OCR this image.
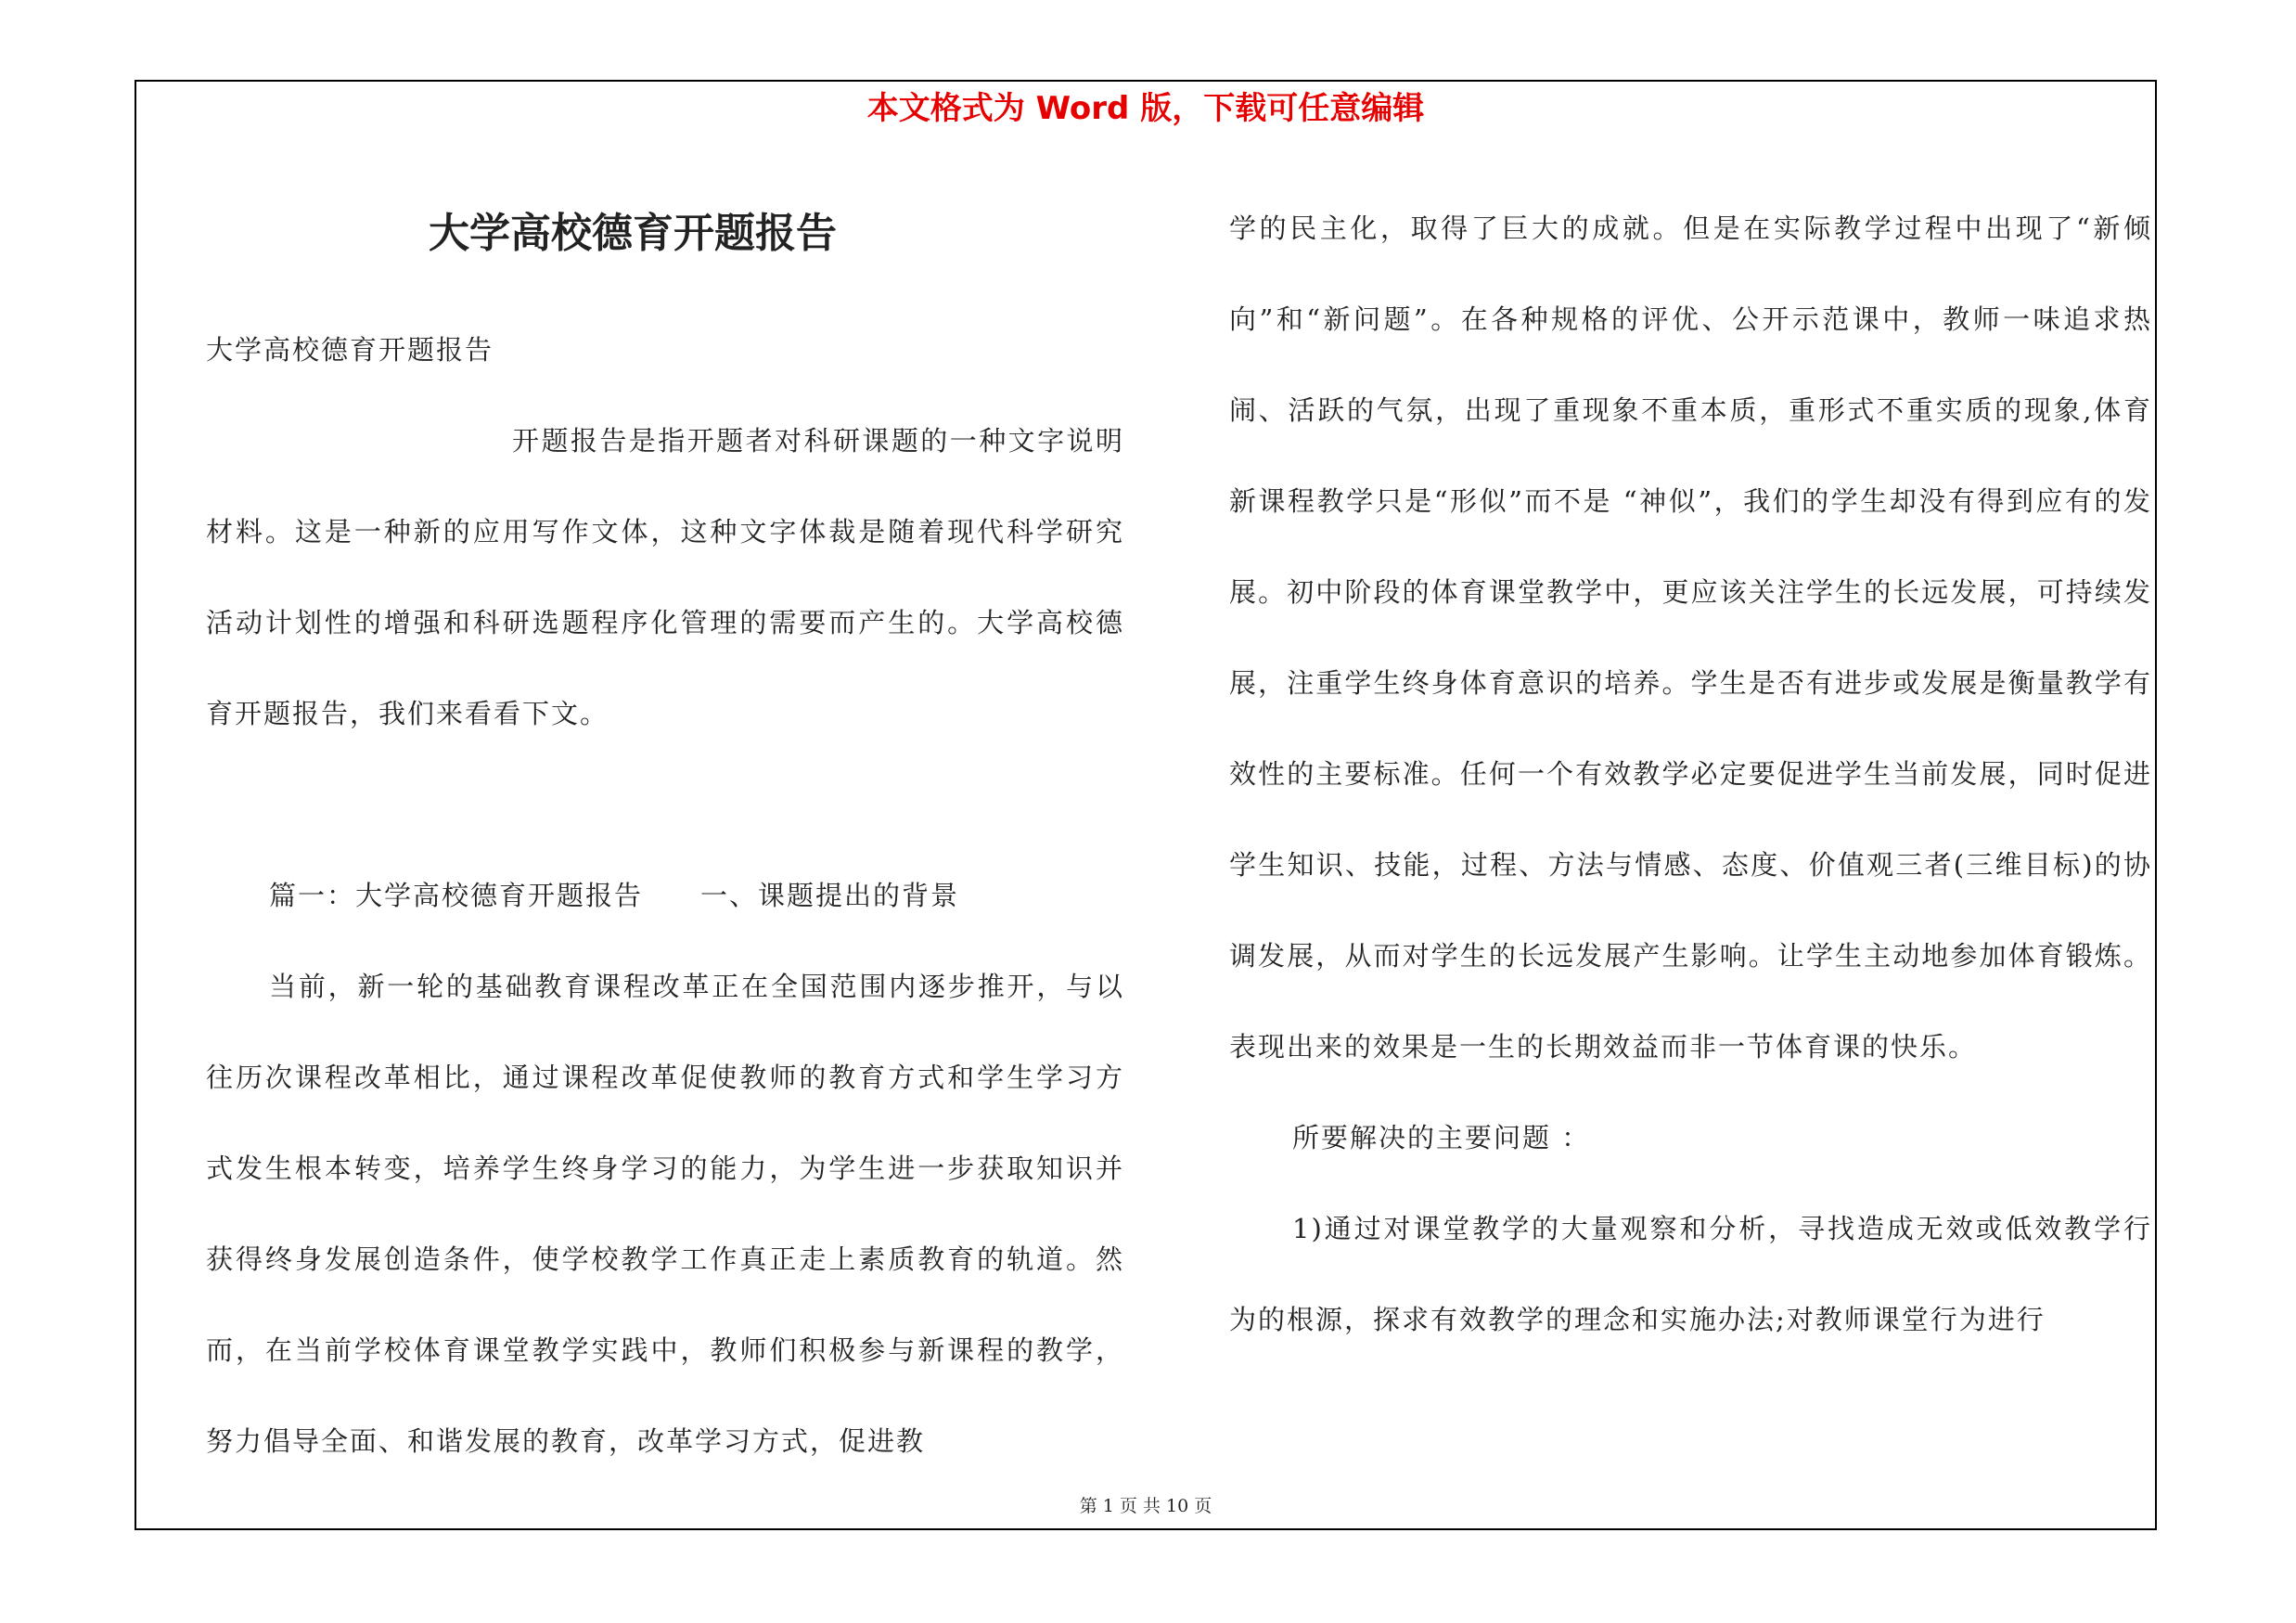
本文格式为 Word 版，下载可任意编辑
大学高校德育开题报告

大学高校德育开题报告

开题报告是指开题者对科研课题的一种文字说明材料。这是一种新的应用写作文体，这种文字体裁是随着现代科学研究活动计划性的增强和科研选题程序化管理的需要而产生的。大学高校德育开题报告，我们来看看下文。

篇一：大学高校德育开题报告　　一、课题提出的背景

当前，新一轮的基础教育课程改革正在全国范围内逐步推开，与以往历次课程改革相比，通过课程改革促使教师的教育方式和学生学习方式发生根本转变，培养学生终身学习的能力，为学生进一步获取知识并获得终身发展创造条件，使学校教学工作真正走上素质教育的轨道。然而，在当前学校体育课堂教学实践中，教师们积极参与新课程的教学，努力倡导全面、和谐发展的教育，改革学习方式，促进教

学的民主化，取得了巨大的成就。但是在实际教学过程中出现了“新倾向”和“新问题”。在各种规格的评优、公开示范课中，教师一味追求热闹、活跃的气氛，出现了重现象不重本质，重形式不重实质的现象,体育新课程教学只是“形似”而不是 “神似”，我们的学生却没有得到应有的发展。初中阶段的体育课堂教学中，更应该关注学生的长远发展，可持续发展，注重学生终身体育意识的培养。学生是否有进步或发展是衡量教学有效性的主要标准。任何一个有效教学必定要促进学生当前发展，同时促进学生知识、技能，过程、方法与情感、态度、价值观三者(三维目标)的协调发展，从而对学生的长远发展产生影响。让学生主动地参加体育锻炼。表现出来的效果是一生的长期效益而非一节体育课的快乐。

所要解决的主要问题 ：

1)通过对课堂教学的大量观察和分析，寻找造成无效或低效教学行为的根源，探求有效教学的理念和实施办法;对教师课堂行为进行

第 1 页 共 10 页
